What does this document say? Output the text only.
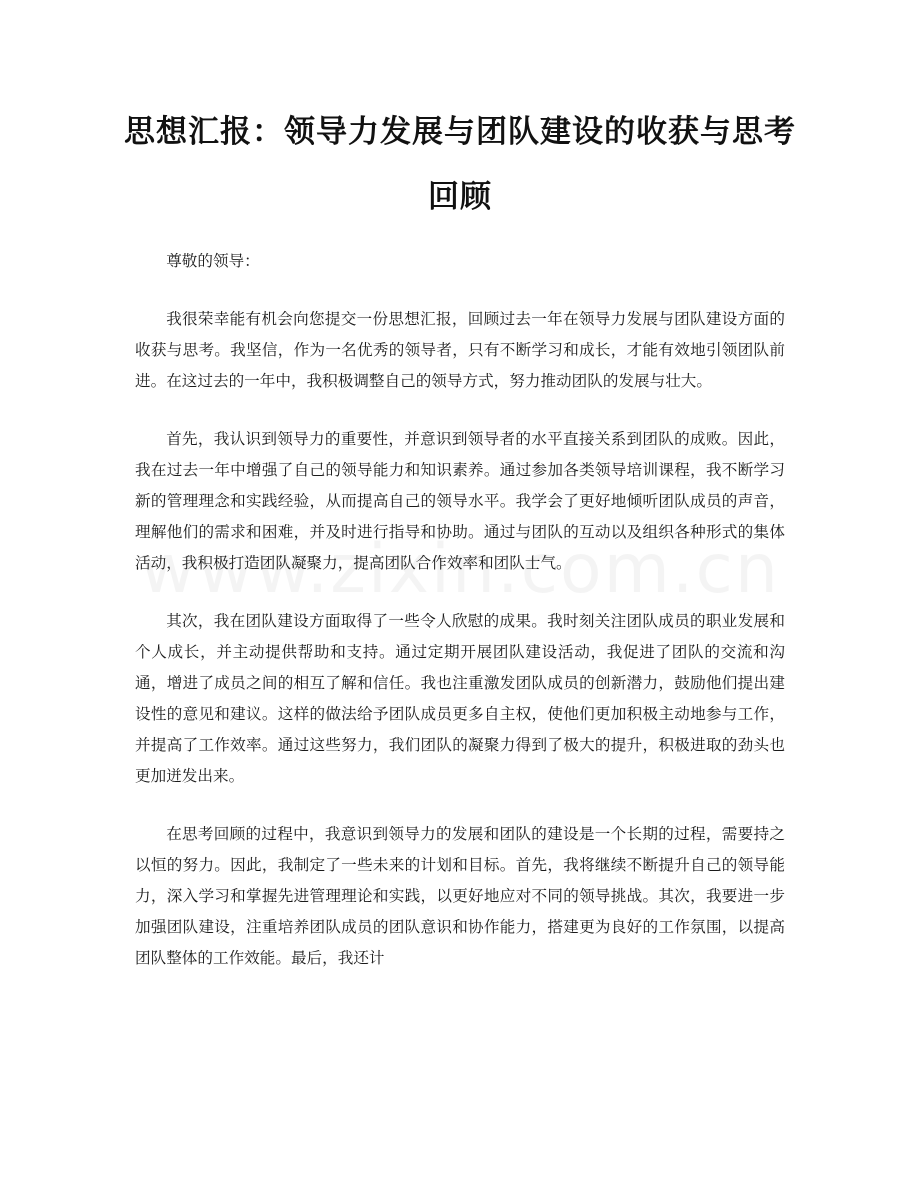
思想汇报：领导力发展与团队建设的收获与思考回顾

尊敬的领导：

我很荣幸能有机会向您提交一份思想汇报，回顾过去一年在领导力发展与团队建设方面的收获与思考。我坚信，作为一名优秀的领导者，只有不断学习和成长，才能有效地引领团队前进。在这过去的一年中，我积极调整自己的领导方式，努力推动团队的发展与壮大。

首先，我认识到领导力的重要性，并意识到领导者的水平直接关系到团队的成败。因此，我在过去一年中增强了自己的领导能力和知识素养。通过参加各类领导培训课程，我不断学习新的管理理念和实践经验，从而提高自己的领导水平。我学会了更好地倾听团队成员的声音，理解他们的需求和困难，并及时进行指导和协助。通过与团队的互动以及组织各种形式的集体活动，我积极打造团队凝聚力，提高团队合作效率和团队士气。

其次，我在团队建设方面取得了一些令人欣慰的成果。我时刻关注团队成员的职业发展和个人成长，并主动提供帮助和支持。通过定期开展团队建设活动，我促进了团队的交流和沟通，增进了成员之间的相互了解和信任。我也注重激发团队成员的创新潜力，鼓励他们提出建设性的意见和建议。这样的做法给予团队成员更多自主权，使他们更加积极主动地参与工作，并提高了工作效率。通过这些努力，我们团队的凝聚力得到了极大的提升，积极进取的劲头也更加迸发出来。

在思考回顾的过程中，我意识到领导力的发展和团队的建设是一个长期的过程，需要持之以恒的努力。因此，我制定了一些未来的计划和目标。首先，我将继续不断提升自己的领导能力，深入学习和掌握先进管理理论和实践，以更好地应对不同的领导挑战。其次，我要进一步加强团队建设，注重培养团队成员的团队意识和协作能力，搭建更为良好的工作氛围，以提高团队整体的工作效能。最后，我还计
